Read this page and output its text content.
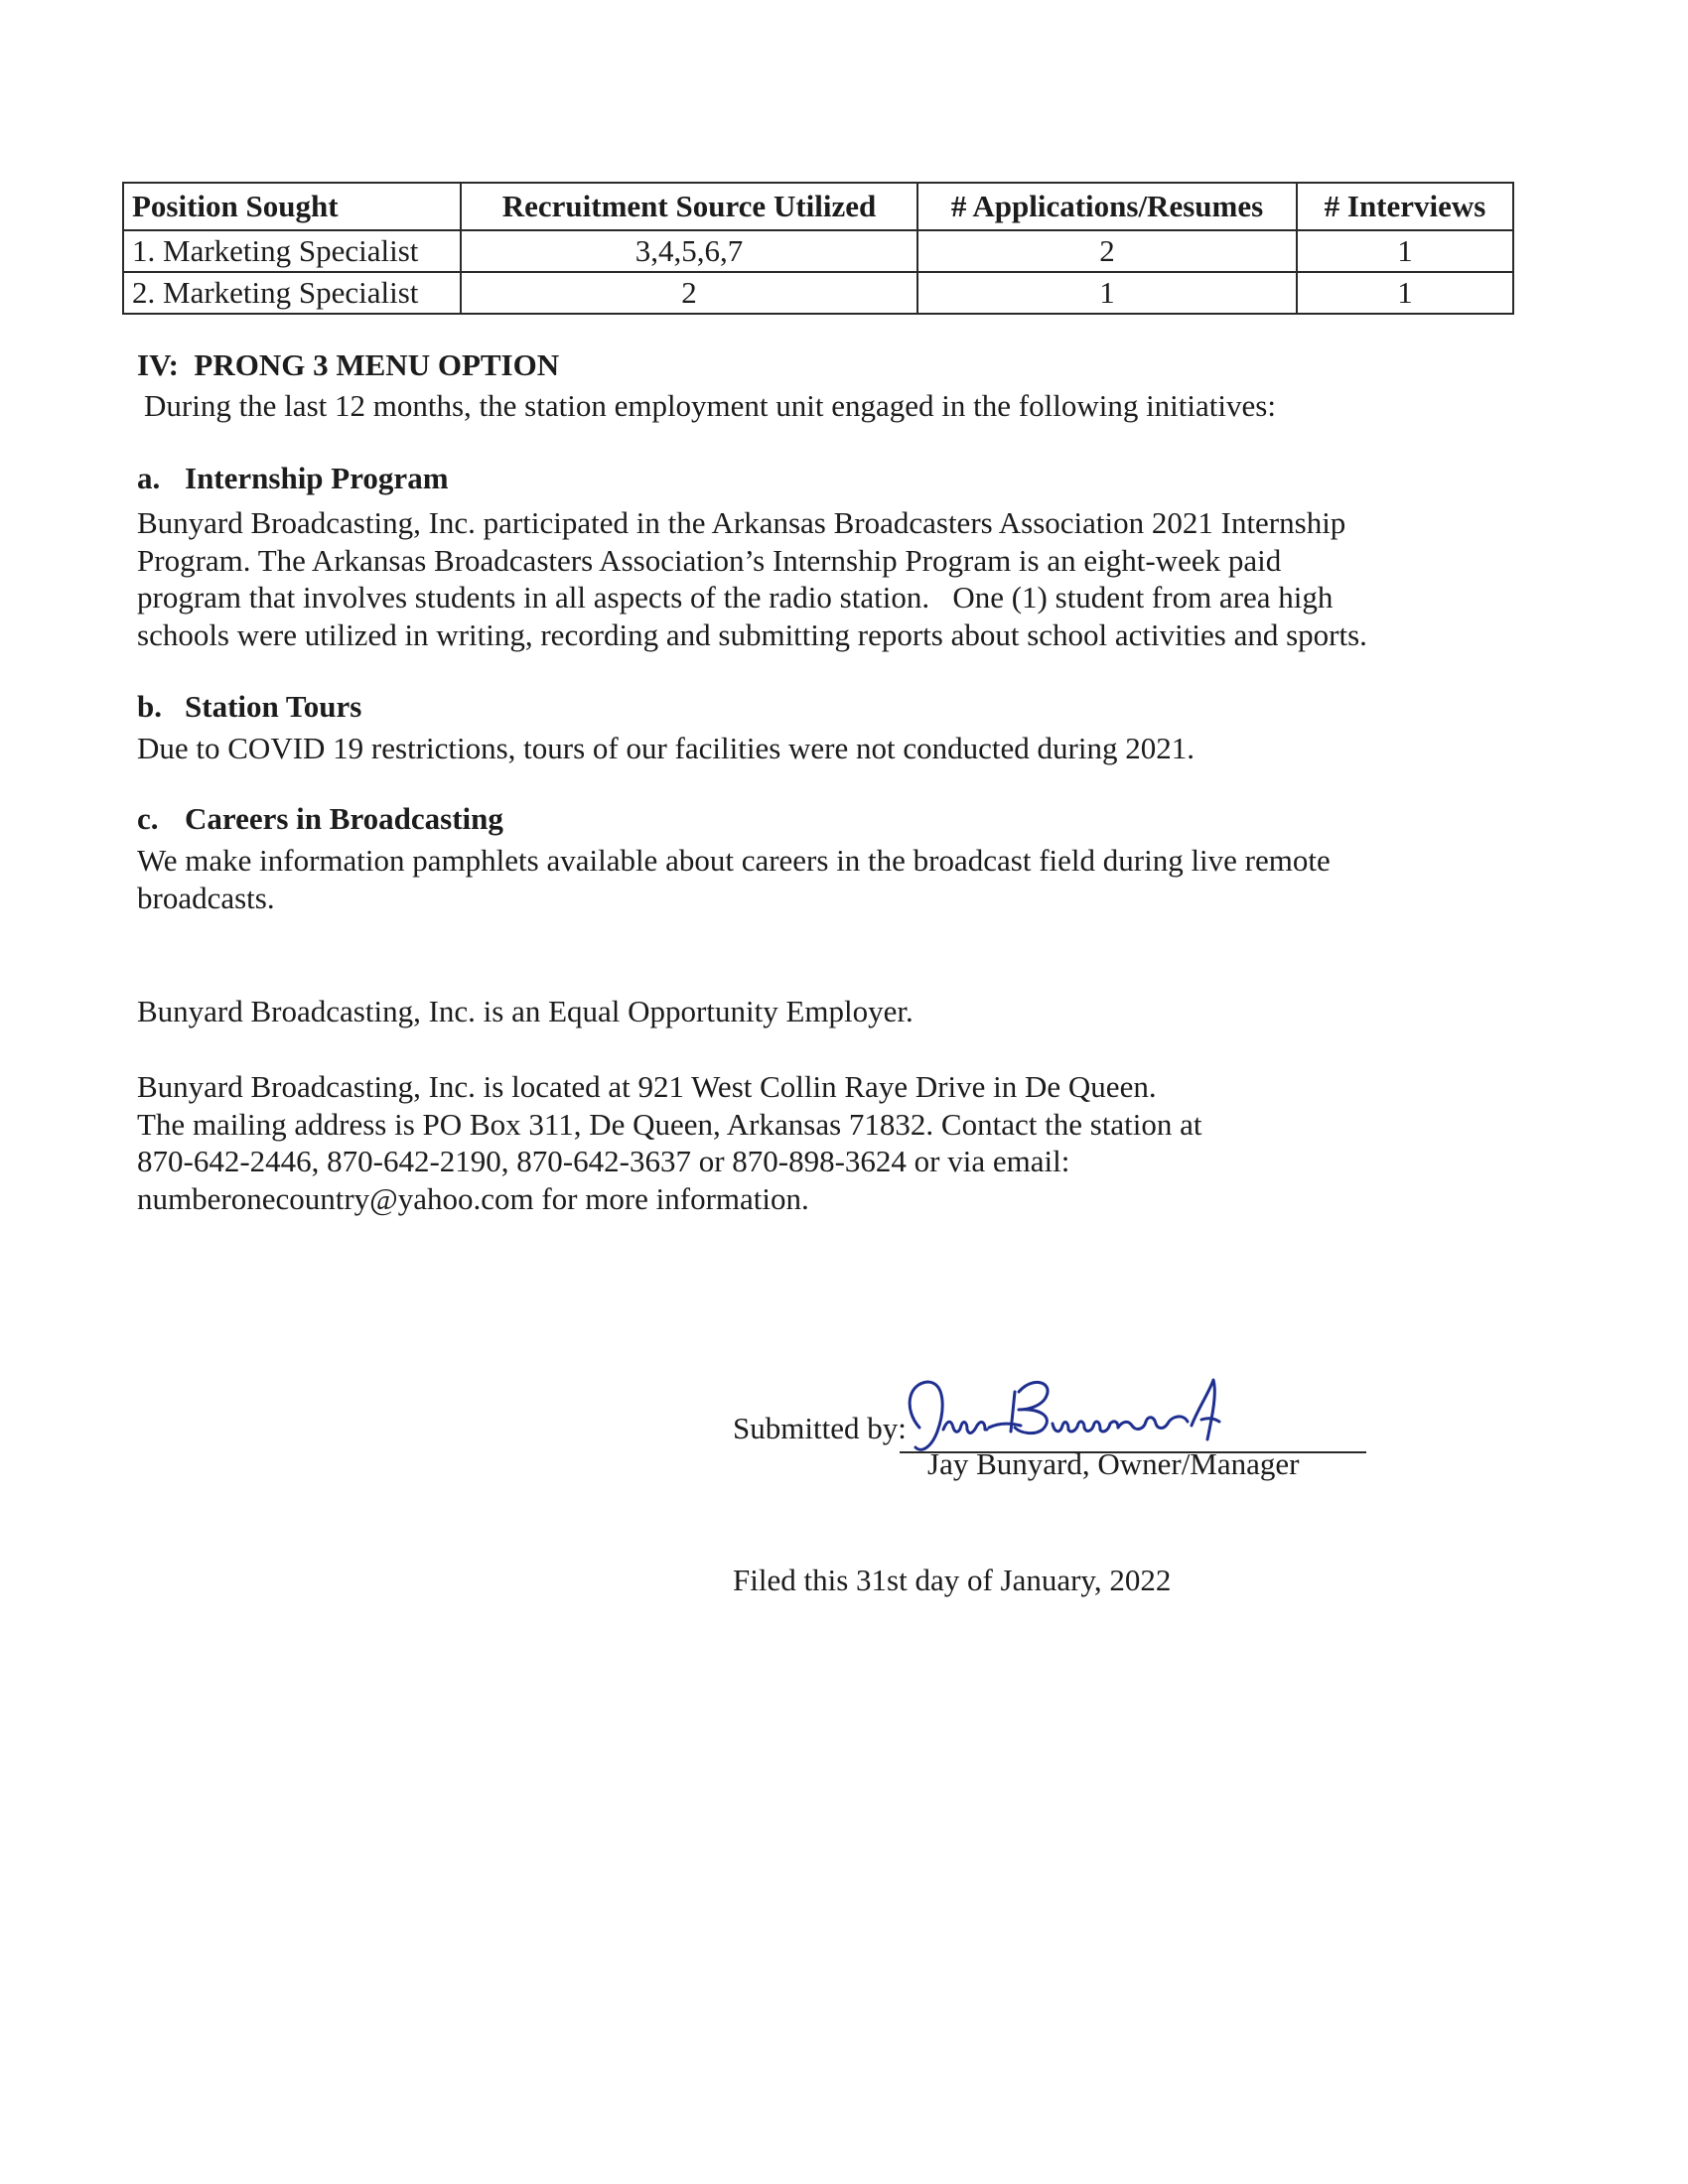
Position Sought	Recruitment Source Utilized	# Applications/Resumes	# Interviews
1. Marketing Specialist	3,4,5,6,7	2	1
2. Marketing Specialist	2	1	1
IV:  PRONG 3 MENU OPTION
During the last 12 months, the station employment unit engaged in the following initiatives:
a. Internship Program
Bunyard Broadcasting, Inc. participated in the Arkansas Broadcasters Association 2021 Internship
Program. The Arkansas Broadcasters Association’s Internship Program is an eight-week paid
program that involves students in all aspects of the radio station.   One (1) student from area high
schools were utilized in writing, recording and submitting reports about school activities and sports.
b. Station Tours
Due to COVID 19 restrictions, tours of our facilities were not conducted during 2021.
c. Careers in Broadcasting
We make information pamphlets available about careers in the broadcast field during live remote
broadcasts.
Bunyard Broadcasting, Inc. is an Equal Opportunity Employer.
Bunyard Broadcasting, Inc. is located at 921 West Collin Raye Drive in De Queen.
The mailing address is PO Box 311, De Queen, Arkansas 71832. Contact the station at
870-642-2446, 870-642-2190, 870-642-3637 or 870-898-3624 or via email:
numberonecountry@yahoo.com for more information.
Submitted by:
Jay Bunyard, Owner/Manager
Filed this 31st day of January, 2022
